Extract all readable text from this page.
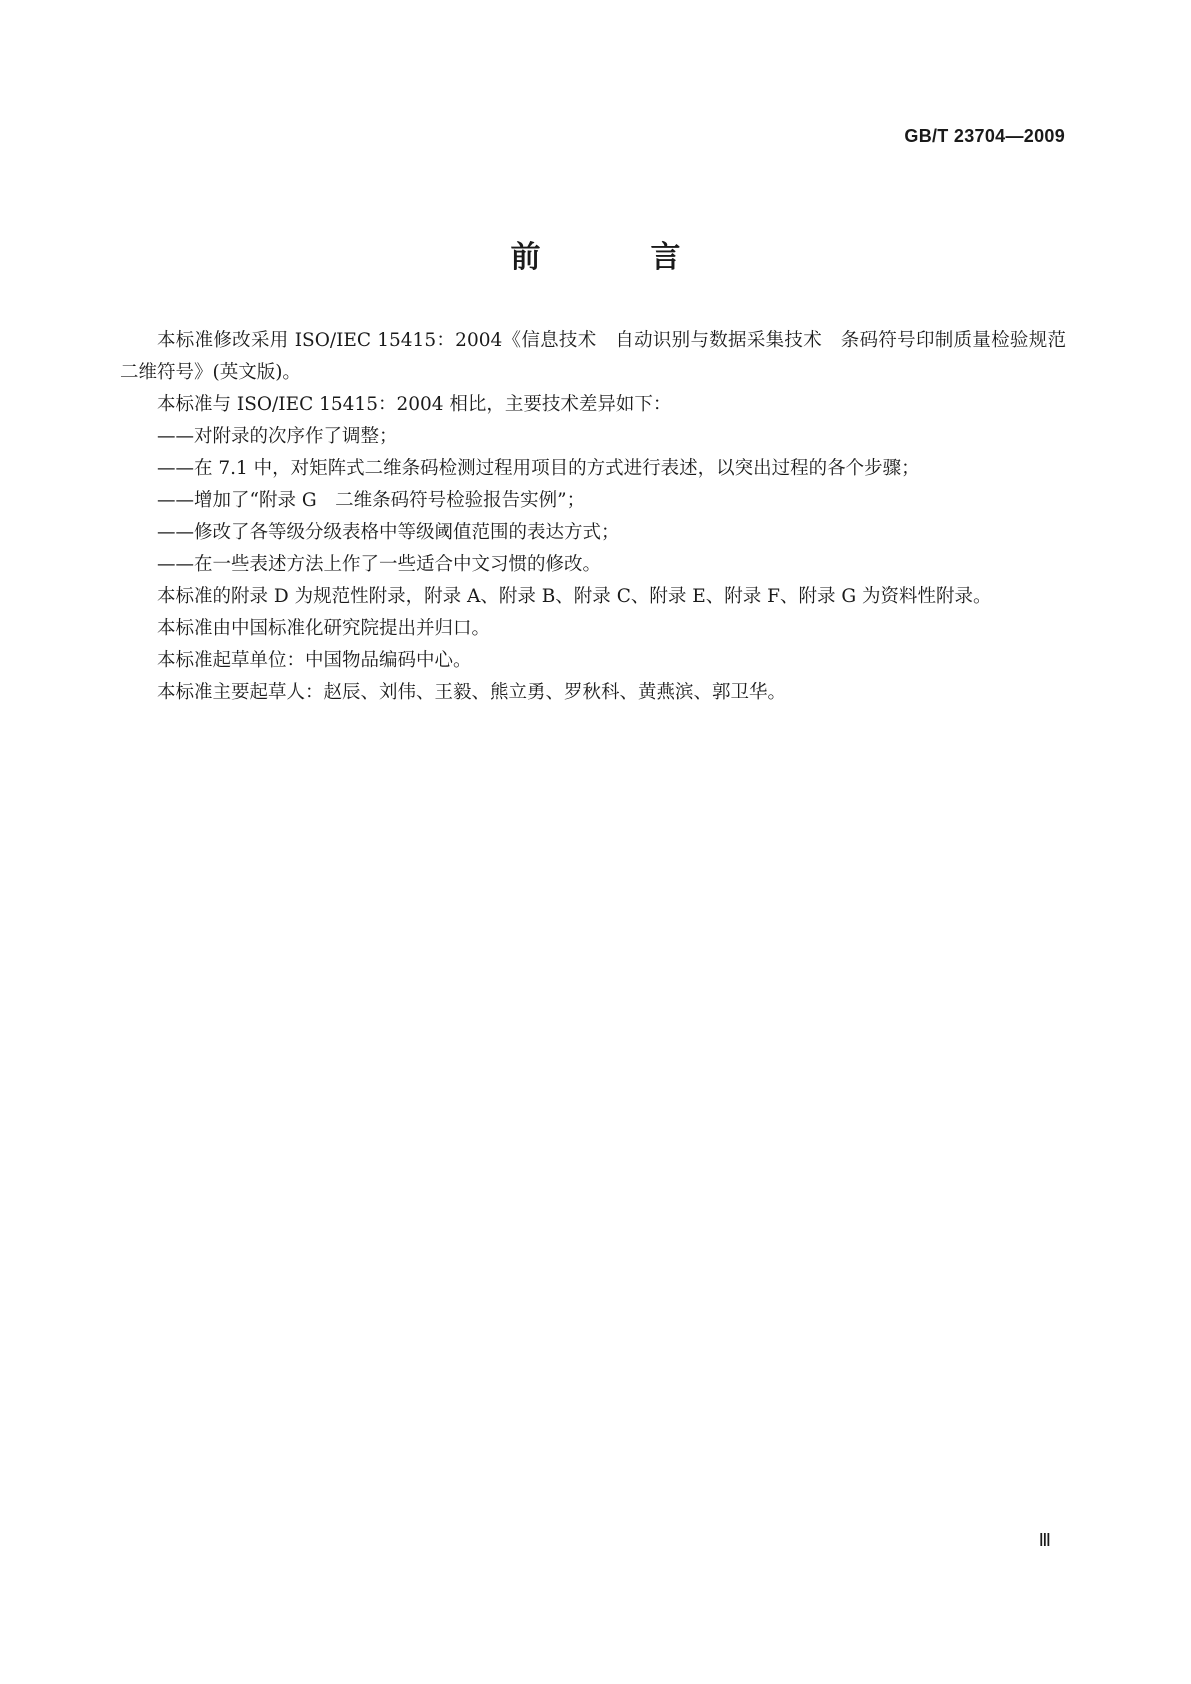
GB/T 23704—2009
前　言

本标准修改采用 ISO/IEC 15415：2004《信息技术　自动识别与数据采集技术　条码符号印制质量检验规范　二维符号》(英文版)。

本标准与 ISO/IEC 15415：2004 相比，主要技术差异如下：

——对附录的次序作了调整；

——在 7.1 中，对矩阵式二维条码检测过程用项目的方式进行表述，以突出过程的各个步骤；

——增加了“附录 G　二维条码符号检验报告实例”；

——修改了各等级分级表格中等级阈值范围的表达方式；

——在一些表述方法上作了一些适合中文习惯的修改。

本标准的附录 D 为规范性附录，附录 A、附录 B、附录 C、附录 E、附录 F、附录 G 为资料性附录。

本标准由中国标准化研究院提出并归口。

本标准起草单位：中国物品编码中心。

本标准主要起草人：赵辰、刘伟、王毅、熊立勇、罗秋科、黄燕滨、郭卫华。

Ⅲ
